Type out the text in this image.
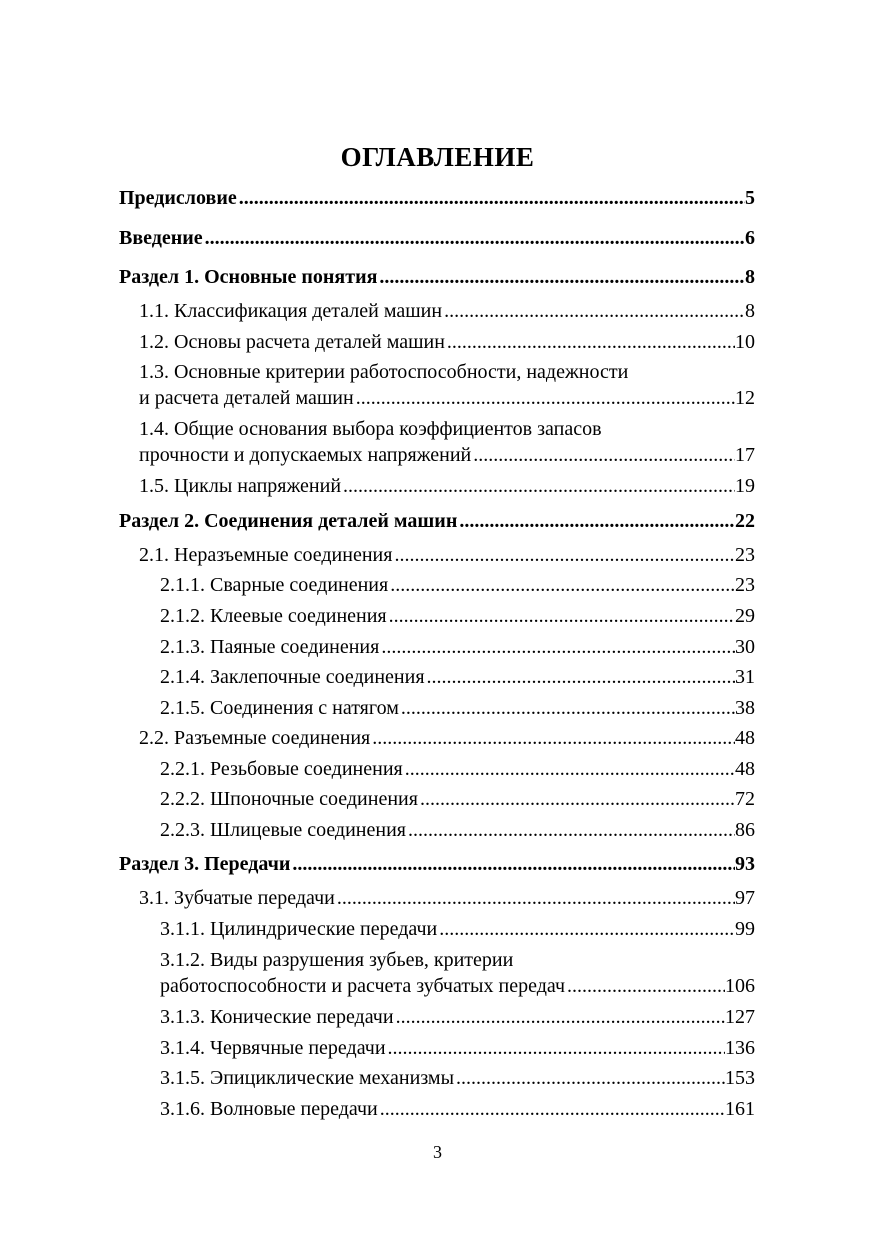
ОГЛАВЛЕНИЕ
Предисловие .....	5
Введение .....	6
Раздел 1. Основные понятия .....	8
1.1. Классификация деталей машин .....	8
1.2. Основы расчета деталей машин .....	10
1.3. Основные критерии работоспособности, надежности
и расчета деталей машин .....	12
1.4. Общие основания выбора коэффициентов запасов
прочности и допускаемых напряжений .....	17
1.5. Циклы напряжений .....	19
Раздел 2. Соединения деталей машин .....	22
2.1. Неразъемные соединения .....	23
2.1.1. Сварные соединения .....	23
2.1.2. Клеевые соединения .....	29
2.1.3. Паяные соединения .....	30
2.1.4. Заклепочные соединения .....	31
2.1.5. Соединения с натягом .....	38
2.2. Разъемные соединения .....	48
2.2.1. Резьбовые соединения .....	48
2.2.2. Шпоночные соединения .....	72
2.2.3. Шлицевые соединения .....	86
Раздел 3. Передачи .....	93
3.1. Зубчатые передачи .....	97
3.1.1. Цилиндрические передачи .....	99
3.1.2. Виды разрушения зубьев, критерии
работоспособности и расчета зубчатых передач .....	106
3.1.3. Конические передачи .....	127
3.1.4. Червячные передачи .....	136
3.1.5. Эпициклические механизмы .....	153
3.1.6. Волновые передачи .....	161
3
